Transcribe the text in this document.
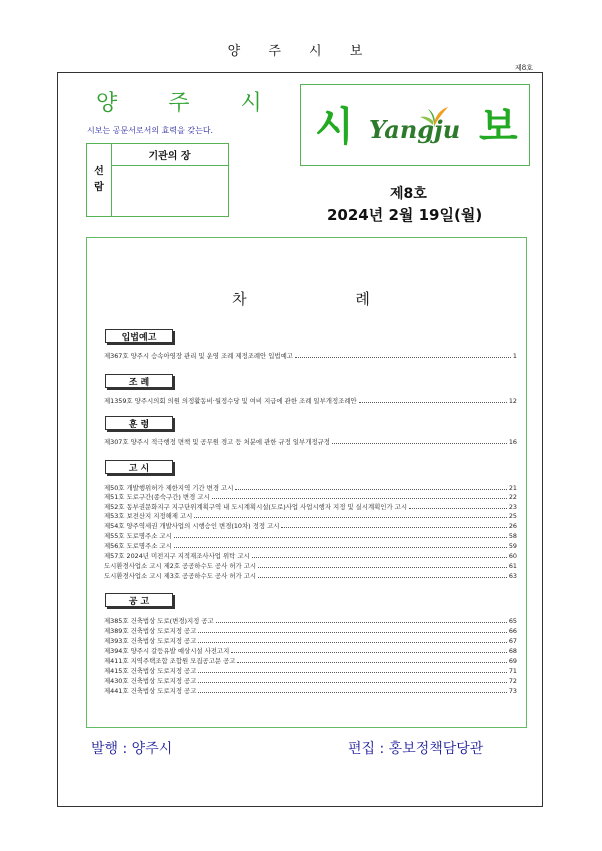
양 주 시 보
제8호
양 주 시
시보는 공문서로서의 효력을 갖는다.
선
람
기관의 장
시 Yangju 보
제8호
2024년 2월 19일(월)
차 례
입법예고
제367호 양주시 승속아영장 관리 및 운영 조례 제정조례안 입법예고	1
조 례
제1359호 양주시의회 의원 의정활동비·월정수당 및 여비 지급에 관한 조례 일부개정조례안	12
훈 령
제307호 양주시 적극행정 면책 및 공무원 경고 등 처분에 관한 규정 일부개정규정	16
고 시
제50호 개발행위허가 제한지역 기간 변경 고시	21
제51호 도로구간(종숙구간) 변경 고시	22
제52호 동부권문화지구 지구단위계획구역 내 도시계획시설(도로)사업 사업시행자 지정 및 실시계획인가 고시	23
제53호 보전산지 지정해제 고시	25
제54호 양주역세권 개발사업의 시행승인 변경(10차) 정정 고시	26
제55호 도로명주소 고시	58
제56호 도로명주소 고시	59
제57호 2024년 미전지구 지적재조사사업 위탁 고시	60
도시환경사업소 고시 제2호 공공하수도 공사 허가 고시	61
도시환경사업소 고시 제3호 공공하수도 공사 허가 고시	63
공 고
제385호 건축법상 도로(변경)지정 공고	65
제389호 건축법상 도로지정 공고	66
제393호 건축법상 도로지정 공고	67
제394호 양주시 갈등유발 예상시설 사전고지	68
제411호 지역주택조합 조합원 모집공고문 공고	69
제415호 건축법상 도로지정 공고	71
제430호 건축법상 도로지정 공고	72
제441호 건축법상 도로지정 공고	73
발행 : 양주시	편집 : 홍보정책담당관
